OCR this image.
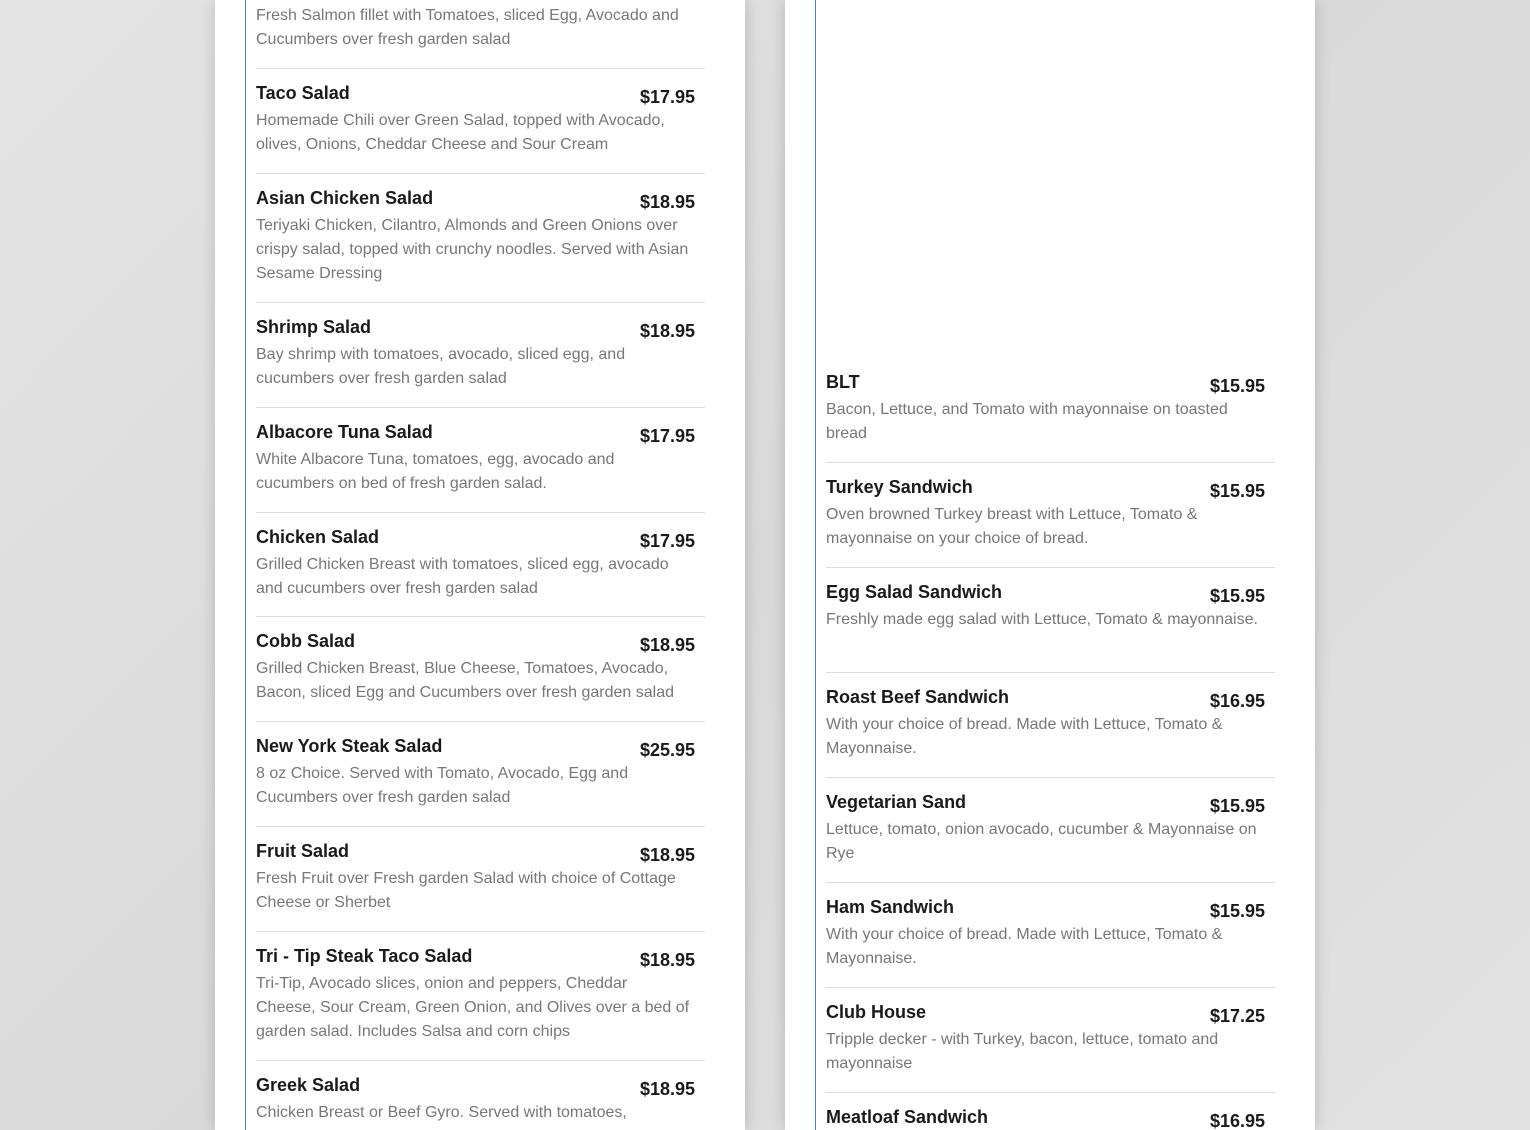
Fresh Salmon fillet with Tomatoes, sliced Egg, Avocado and Cucumbers over fresh garden salad
Taco Salad	$17.95
Homemade Chili over Green Salad, topped with Avocado, olives, Onions, Cheddar Cheese and Sour Cream
Asian Chicken Salad	$18.95
Teriyaki Chicken, Cilantro, Almonds and Green Onions over crispy salad, topped with crunchy noodles. Served with Asian Sesame Dressing
Shrimp Salad	$18.95
Bay shrimp with tomatoes, avocado, sliced egg, and cucumbers over fresh garden salad
Albacore Tuna Salad	$17.95
White Albacore Tuna, tomatoes, egg, avocado and cucumbers on bed of fresh garden salad.
Chicken Salad	$17.95
Grilled Chicken Breast with tomatoes, sliced egg, avocado and cucumbers over fresh garden salad
Cobb Salad	$18.95
Grilled Chicken Breast, Blue Cheese, Tomatoes, Avocado, Bacon, sliced Egg and Cucumbers over fresh garden salad
New York Steak Salad	$25.95
8 oz Choice. Served with Tomato, Avocado, Egg and Cucumbers over fresh garden salad
Fruit Salad	$18.95
Fresh Fruit over Fresh garden Salad with choice of Cottage Cheese or Sherbet
Tri - Tip Steak Taco Salad	$18.95
Tri-Tip, Avocado slices, onion and peppers, Cheddar Cheese, Sour Cream, Green Onion, and Olives over a bed of garden salad. Includes Salsa and corn chips
Greek Salad	$18.95
Chicken Breast or Beef Gyro. Served with tomatoes,
BLT	$15.95
Bacon, Lettuce, and Tomato with mayonnaise on toasted bread
Turkey Sandwich	$15.95
Oven browned Turkey breast with Lettuce, Tomato & mayonnaise on your choice of bread.
Egg Salad Sandwich	$15.95
Freshly made egg salad with Lettuce, Tomato & mayonnaise.
Roast Beef Sandwich	$16.95
With your choice of bread. Made with Lettuce, Tomato & Mayonnaise.
Vegetarian Sand	$15.95
Lettuce, tomato, onion avocado, cucumber & Mayonnaise on Rye
Ham Sandwich	$15.95
With your choice of bread. Made with Lettuce, Tomato & Mayonnaise.
Club House	$17.25
Tripple decker - with Turkey, bacon, lettuce, tomato and mayonnaise
Meatloaf Sandwich	$16.95
